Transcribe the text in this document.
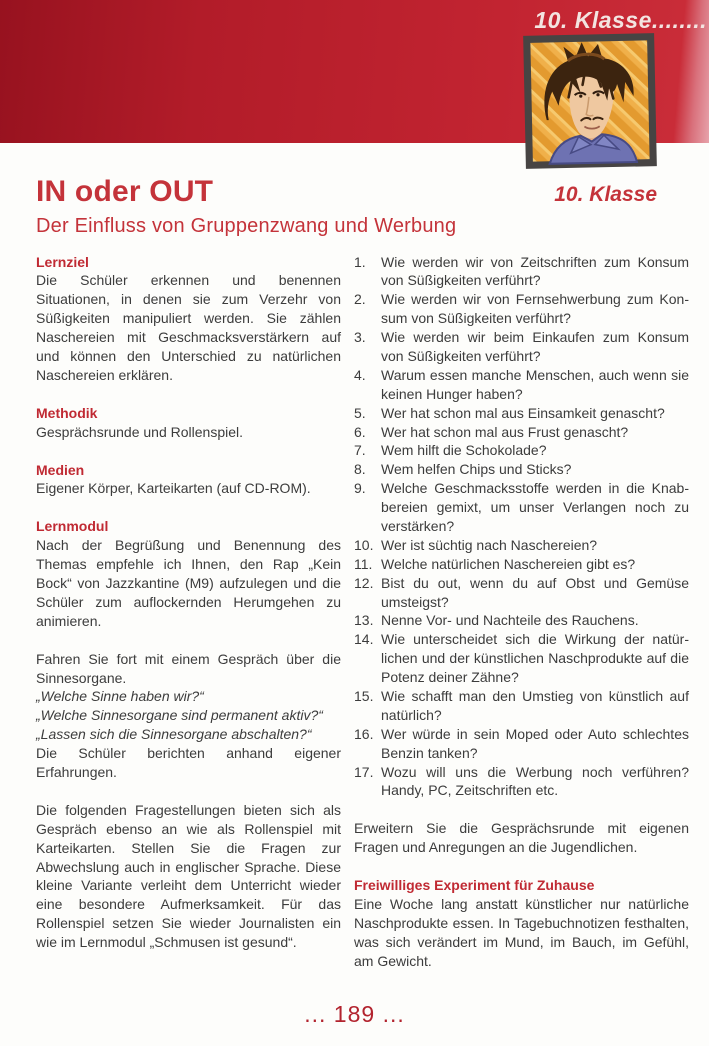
10. Klasse........
IN oder OUT	10. Klasse
Der Einfluss von Gruppenzwang und Werbung
Lernziel
Die Schüler erkennen und benennen Situationen, in denen sie zum Verzehr von Süßigkeiten manipuliert werden. Sie zählen Naschereien mit Geschmacksverstärkern auf und können den Unterschied zu natürlichen Naschereien erklären.
Methodik
Gesprächsrunde und Rollenspiel.
Medien
Eigener Körper, Karteikarten (auf CD-ROM).
Lernmodul
Nach der Begrüßung und Benennung des Themas empfehle ich Ihnen, den Rap „Kein Bock“ von Jazzkantine (M9) aufzulegen und die Schüler zum auflockernden Herumgehen zu animieren.
Fahren Sie fort mit einem Gespräch über die Sinnesorgane.
„Welche Sinne haben wir?“
„Welche Sinnesorgane sind permanent aktiv?“
„Lassen sich die Sinnesorgane abschalten?“
Die Schüler berichten anhand eigener Erfahrungen.
Die folgenden Fragestellungen bieten sich als Gespräch ebenso an wie als Rollenspiel mit Karteikarten. Stellen Sie die Fragen zur Abwechslung auch in englischer Sprache. Diese kleine Variante verleiht dem Unterricht wieder eine besondere Aufmerksamkeit. Für das Rollenspiel setzen Sie wieder Journalisten ein wie im Lernmodul „Schmusen ist gesund“.
1.	Wie werden wir von Zeitschriften zum Konsum von Süßigkeiten verführt?
2.	Wie werden wir von Fernsehwerbung zum Konsum von Süßigkeiten verführt?
3.	Wie werden wir beim Einkaufen zum Konsum von Süßigkeiten verführt?
4.	Warum essen manche Menschen, auch wenn sie keinen Hunger haben?
5.	Wer hat schon mal aus Einsamkeit genascht?
6.	Wer hat schon mal aus Frust genascht?
7.	Wem hilft die Schokolade?
8.	Wem helfen Chips und Sticks?
9.	Welche Geschmacksstoffe werden in die Knabbereien gemixt, um unser Verlangen noch zu verstärken?
10. Wer ist süchtig nach Naschereien?
11. Welche natürlichen Naschereien gibt es?
12. Bist du out, wenn du auf Obst und Gemüse umsteigst?
13. Nenne Vor- und Nachteile des Rauchens.
14. Wie unterscheidet sich die Wirkung der natürlichen und der künstlichen Naschprodukte auf die Potenz deiner Zähne?
15. Wie schafft man den Umstieg von künstlich auf natürlich?
16. Wer würde in sein Moped oder Auto schlechtes Benzin tanken?
17. Wozu will uns die Werbung noch verführen? Handy, PC, Zeitschriften etc.
Erweitern Sie die Gesprächsrunde mit eigenen Fragen und Anregungen an die Jugendlichen.
Freiwilliges Experiment für Zuhause
Eine Woche lang anstatt künstlicher nur natürliche Naschprodukte essen. In Tagebuchnotizen festhalten, was sich verändert im Mund, im Bauch, im Gefühl, am Gewicht.
... 189 ...
